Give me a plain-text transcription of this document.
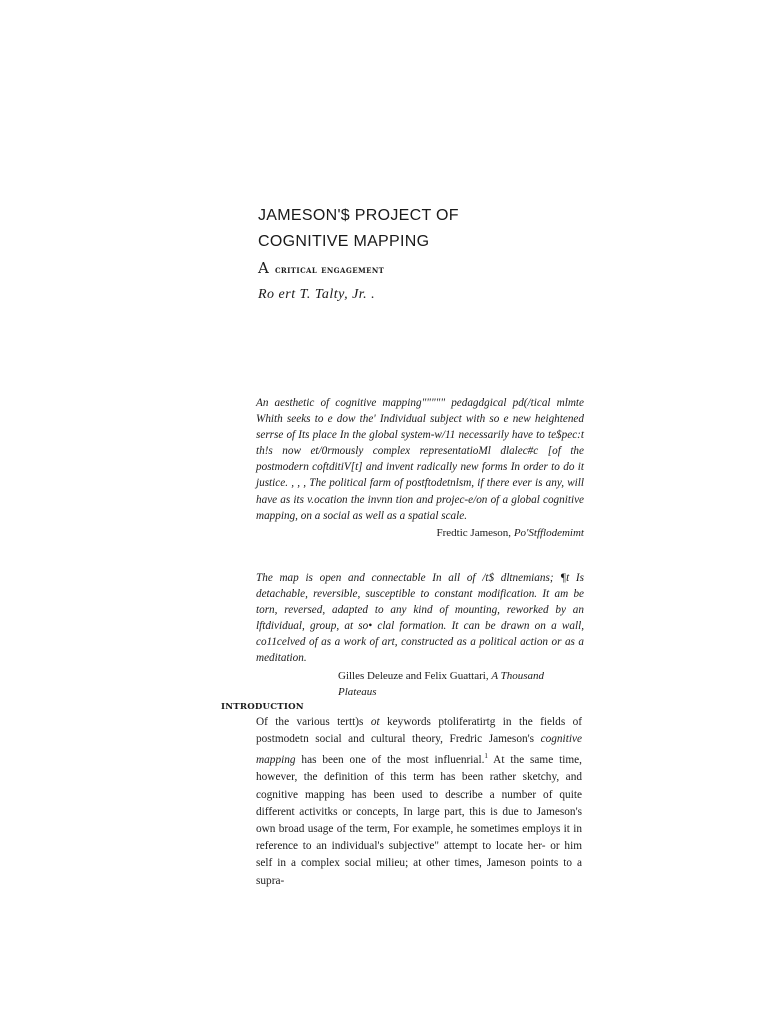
JAMESON'$ PROJECT OF
COGNITIVE MAPPING
A critical engagement
Ro ert T. Talty, Jr. .
An aesthetic of cognitive mapping""""" pedagdgical pd(/tical mlmte Whith seeks to e dow the' Individual subject with so e new heightened serrse of Its place In the global system-w/11 necessarily have to te$pec:t th!s now et/0rmously complex representatioMl dlalec#c [of the postmodern coftditiV[t] and invent radically new forms In order to do it justice. , , , The political farm of postftodetnlsm, if there ever is any, will have as its v.ocation the invnn tion and projec-e/on of a global cognitive mapping, on a social as well as a spatial scale.
Fredtic Jameson, Po'Stfflodemimt
The map is open and connectable In all of /t$ dltnemians; ¶t Is detachable, reversible, susceptible to constant modification. It am be torn, reversed, adapted to any kind of mounting, reworked by an lftdividual, group, at so• clal formation. It can be drawn on a wall, co11celved of as a work of art, constructed as a political action or as a meditation.
Gilles Deleuze and Felix Guattari, A Thousand Plateaus
INTRODUCTION
Of the various tertt)s ot keywords ptoliferatirtg in the fields of postmodetn social and cultural theory, Fredric Jameson's cognitive mapping has been one of the most influenrial.$^1$ At the same time, however, the definition of this term has been rather sketchy, and cognitive mapping has been used to describe a number of quite different activitks or concepts, In large part, this is due to Jameson's own broad usage of the term, For example, he sometimes employs it in reference to an individual's subjective" attempt to locate her- or him self in a complex social milieu; at other times, Jameson points to a supra-
